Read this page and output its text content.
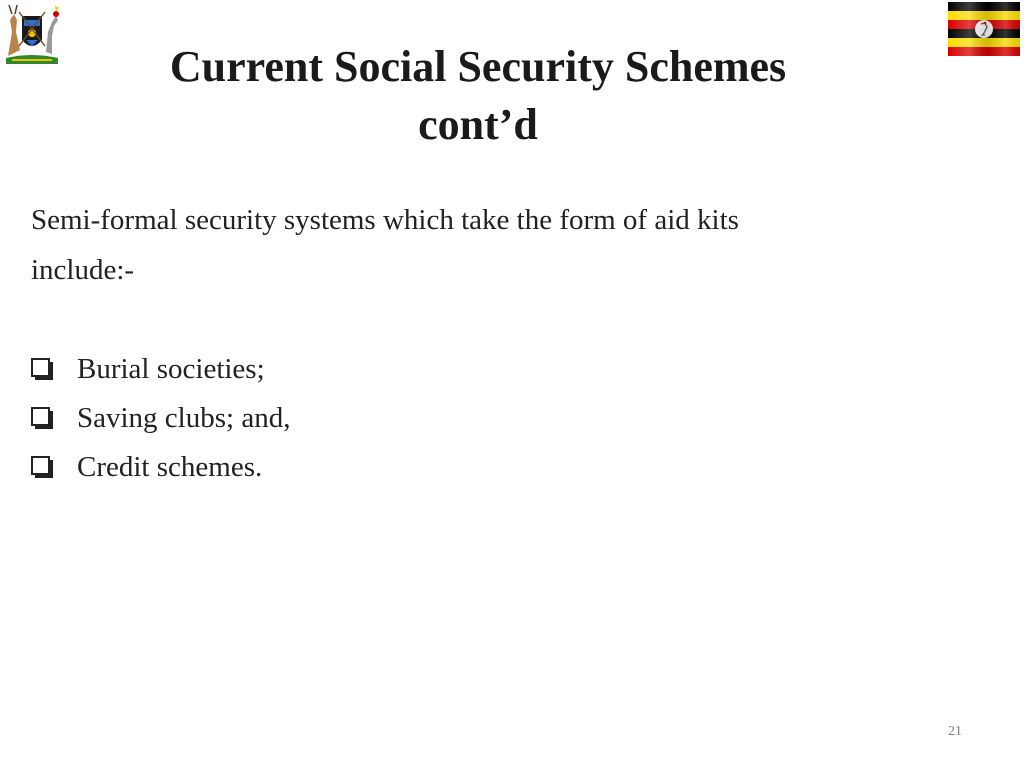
Current Social Security Schemes
cont’d
Semi-formal security systems which take the form of aid kits
include:-
Burial societies;
Saving clubs; and,
Credit schemes.
21
